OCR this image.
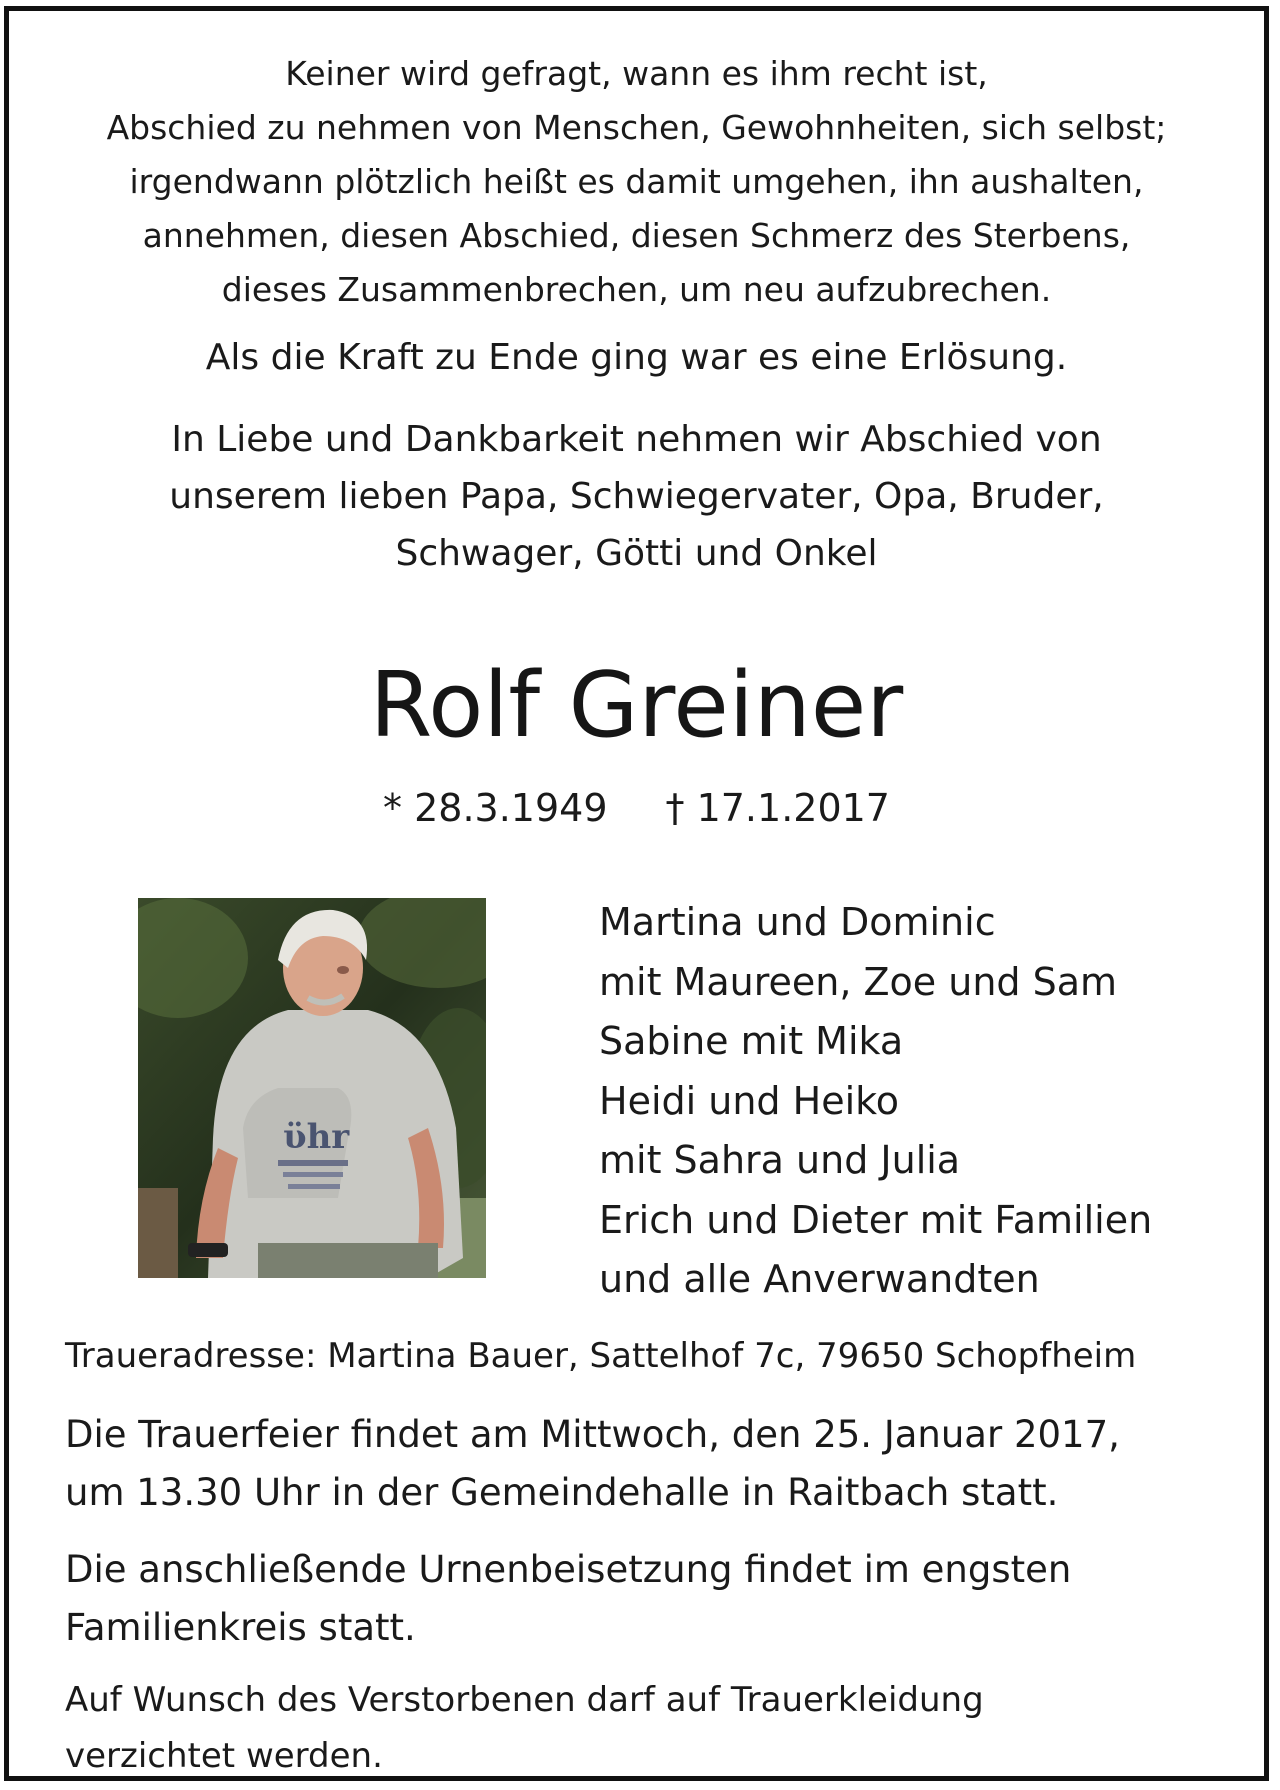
Keiner wird gefragt, wann es ihm recht ist,
Abschied zu nehmen von Menschen, Gewohnheiten, sich selbst;
irgendwann plötzlich heißt es damit umgehen, ihn aushalten,
annehmen, diesen Abschied, diesen Schmerz des Sterbens,
dieses Zusammenbrechen, um neu aufzubrechen.
Als die Kraft zu Ende ging war es eine Erlösung.
In Liebe und Dankbarkeit nehmen wir Abschied von
unserem lieben Papa, Schwiegervater, Opa, Bruder,
Schwager, Götti und Onkel
Rolf Greiner
* 28.3.1949 † 17.1.2017
ϋhr
Martina und Dominic
mit Maureen, Zoe und Sam
Sabine mit Mika
Heidi und Heiko
mit Sahra und Julia
Erich und Dieter mit Familien
und alle Anverwandten
Traueradresse: Martina Bauer, Sattelhof 7c, 79650 Schopfheim
Die Trauerfeier findet am Mittwoch, den 25. Januar 2017,
um 13.30 Uhr in der Gemeindehalle in Raitbach statt.
Die anschließende Urnenbeisetzung findet im engsten
Familienkreis statt.
Auf Wunsch des Verstorbenen darf auf Trauerkleidung
verzichtet werden.
